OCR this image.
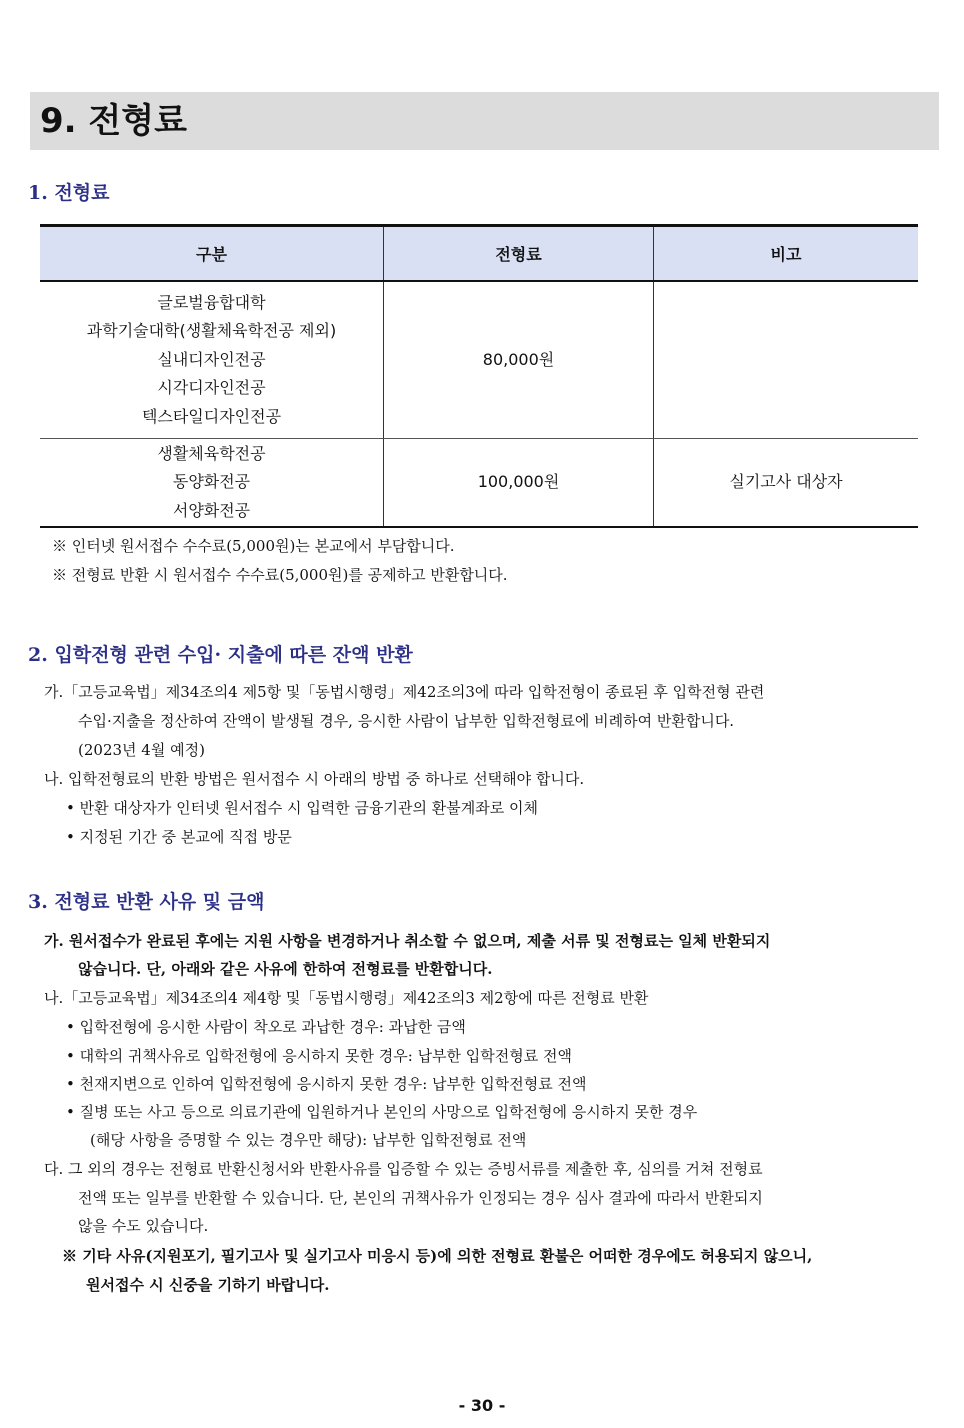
9. 전형료
1. 전형료
구분	전형료	비고

글로벌융합대학
과학기술대학(생활체육학전공 제외)
실내디자인전공
시각디자인전공
텍스타일디자인전공	80,000원	

생활체육학전공
동양화전공
서양화전공	100,000원	실기고사 대상자

※ 인터넷 원서접수 수수료(5,000원)는 본교에서 부담합니다.

※ 전형료 반환 시 원서접수 수수료(5,000원)를 공제하고 반환합니다.

2. 입학전형 관련 수입· 지출에 따른 잔액 반환

가.「고등교육법」제34조의4 제5항 및「동법시행령」제42조의3에 따라 입학전형이 종료된 후 입학전형 관련

수입·지출을 정산하여 잔액이 발생될 경우, 응시한 사람이 납부한 입학전형료에 비례하여 반환합니다.

(2023년 4월 예정)

나. 입학전형료의 반환 방법은 원서접수 시 아래의 방법 중 하나로 선택해야 합니다.

• 반환 대상자가 인터넷 원서접수 시 입력한 금융기관의 환불계좌로 이체

• 지정된 기간 중 본교에 직접 방문

3. 전형료 반환 사유 및 금액

가. 원서접수가 완료된 후에는 지원 사항을 변경하거나 취소할 수 없으며, 제출 서류 및 전형료는 일체 반환되지

않습니다. 단, 아래와 같은 사유에 한하여 전형료를 반환합니다.

나.「고등교육법」제34조의4 제4항 및「동법시행령」제42조의3 제2항에 따른 전형료 반환

• 입학전형에 응시한 사람이 착오로 과납한 경우: 과납한 금액

• 대학의 귀책사유로 입학전형에 응시하지 못한 경우: 납부한 입학전형료 전액

• 천재지변으로 인하여 입학전형에 응시하지 못한 경우: 납부한 입학전형료 전액

• 질병 또는 사고 등으로 의료기관에 입원하거나 본인의 사망으로 입학전형에 응시하지 못한 경우

(해당 사항을 증명할 수 있는 경우만 해당): 납부한 입학전형료 전액

다. 그 외의 경우는 전형료 반환신청서와 반환사유를 입증할 수 있는 증빙서류를 제출한 후, 심의를 거쳐 전형료

전액 또는 일부를 반환할 수 있습니다. 단, 본인의 귀책사유가 인정되는 경우 심사 결과에 따라서 반환되지

않을 수도 있습니다.

※ 기타 사유(지원포기, 필기고사 및 실기고사 미응시 등)에 의한 전형료 환불은 어떠한 경우에도 허용되지 않으니,

원서접수 시 신중을 기하기 바랍니다.

- 30 -
